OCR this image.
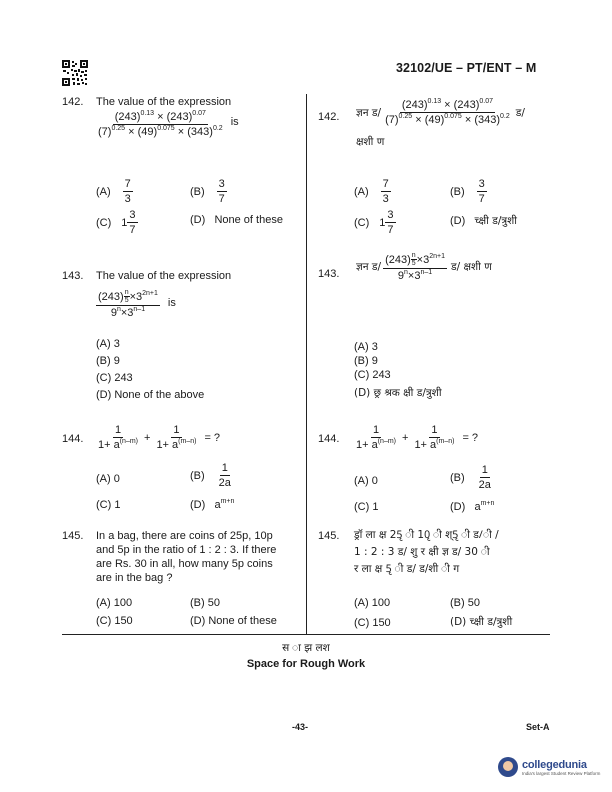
32102/UE – PT/ENT – M
142. The value of the expression
$\frac{(243)^{0.13} \times (243)^{0.07}}{(7)^{0.25} \times (49)^{0.075} \times (343)^{0.2}}$ is
$(A) \frac{7}{3}$	$(B) \frac{3}{7}$
(C) $1 \frac{3}{7}$	(D) None of these
142. ज्ञन ड/ $\frac{(243)^{0.13} \times (243)^{0.07}}{(7)^{0.25} \times (49)^{0.075} \times (343)^{0.2}}$ ड/
क्षशी ण
$(A) \frac{7}{3}$	$(B) \frac{3}{7}$
(C) $1 \frac{3}{7}$	(D) च्क्षी ड/त्रुशी
143. The value of the expression
$\frac{(243) \frac{n}{5} \times 3^{2n+1}}{9^n\times 3^{n-1}}$ is
(A) 3
(B) 9
(C) 243
(D) None of the above
143.
ज्ञन ड/ $\frac{(243) \frac{n}{5} \times 3^{2n+1}}{9^n\times 3^{n-1}}$ ड/ क्षशी ण
(A) 3
(B) 9
(C) 243
(D) छ्र श्रक क्षी ड/त्रुशी
144. $\frac{1}{1+ a^{(n-m)}} + \frac{1}{1+ a^{(m-n)}}$ = ?
(A) 0	$(B) \frac{1}{2a}$
(C) 1	(D) $a^{m+n}$
144. $\frac{1}{1+ a^{(n-m)}} + \frac{1}{1+ a^{(m-n)}}$ = ?
(A) 0	$(B) \frac{1}{2a}$
(C) 1	(D) $a^{m+n}$
145. In a bag, there are coins of 25p, 10p
and 5p in the ratio of 1 : 2 : 3. If there
are Rs. 30 in all, how many 5p coins
are in the bag ?
(A) 100	(B) 50
(C) 150	(D) None of these
145. ड्रॉ ला क्ष 25ृ ी 10ृ ी श्5ृ ी ड/ी /
1 : 2 : 3 ड/ शु र क्षी ज्ञ ड/ 30 ी
र ला क्ष 5ृ ी ड/ ड/शी ी ग
(A) 100	(B) 50
(C) 150	(D) च्क्षी ड/त्रुशी
स ा झ लश
Space for Rough Work
-43-	Set-A
collegedunia
India's largest Student Review Platform
